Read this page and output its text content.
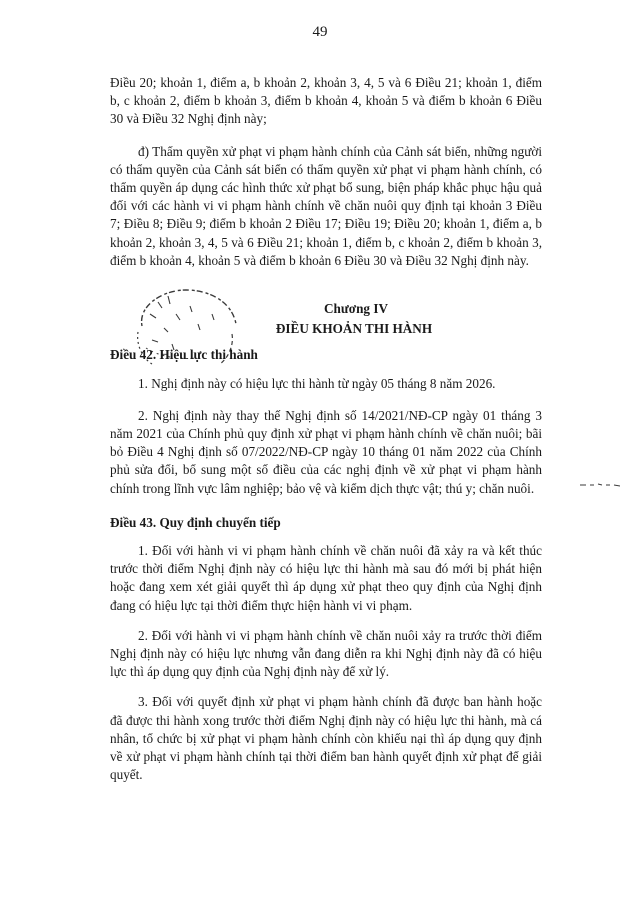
49

Điều 20; khoản 1, điểm a, b khoản 2, khoản 3, 4, 5 và 6 Điều 21; khoản 1, điểm b, c khoản 2, điểm b khoản 3, điểm b khoản 4, khoản 5 và điểm b khoản 6 Điều 30 và Điều 32 Nghị định này;

đ) Thẩm quyền xử phạt vi phạm hành chính của Cảnh sát biển, những người có thẩm quyền của Cảnh sát biển có thẩm quyền xử phạt vi phạm hành chính, có thẩm quyền áp dụng các hình thức xử phạt bổ sung, biện pháp khắc phục hậu quả đối với các hành vi vi phạm hành chính về chăn nuôi quy định tại khoản 3 Điều 7; Điều 8; Điều 9; điểm b khoản 2 Điều 17; Điều 19; Điều 20; khoản 1, điểm a, b khoản 2, khoản 3, 4, 5 và 6 Điều 21; khoản 1, điểm b, c khoản 2, điểm b khoản 3, điểm b khoản 4, khoản 5 và điểm b khoản 6 Điều 30 và Điều 32 Nghị định này.

Chương IV
ĐIỀU KHOẢN THI HÀNH
Điều 42. Hiệu lực thi hành

1. Nghị định này có hiệu lực thi hành từ ngày 05 tháng 8 năm 2026.

2. Nghị định này thay thế Nghị định số 14/2021/NĐ-CP ngày 01 tháng 3 năm 2021 của Chính phủ quy định xử phạt vi phạm hành chính về chăn nuôi; bãi bỏ Điều 4 Nghị định số 07/2022/NĐ-CP ngày 10 tháng 01 năm 2022 của Chính phủ sửa đổi, bổ sung một số điều của các nghị định về xử phạt vi phạm hành chính trong lĩnh vực lâm nghiệp; bảo vệ và kiểm dịch thực vật; thú y; chăn nuôi.

Điều 43. Quy định chuyển tiếp

1. Đối với hành vi vi phạm hành chính về chăn nuôi đã xảy ra và kết thúc trước thời điểm Nghị định này có hiệu lực thi hành mà sau đó mới bị phát hiện hoặc đang xem xét giải quyết thì áp dụng xử phạt theo quy định của Nghị định đang có hiệu lực tại thời điểm thực hiện hành vi vi phạm.

2. Đối với hành vi vi phạm hành chính về chăn nuôi xảy ra trước thời điểm Nghị định này có hiệu lực nhưng vẫn đang diễn ra khi Nghị định này đã có hiệu lực thì áp dụng quy định của Nghị định này để xử lý.

3. Đối với quyết định xử phạt vi phạm hành chính đã được ban hành hoặc đã được thi hành xong trước thời điểm Nghị định này có hiệu lực thi hành, mà cá nhân, tổ chức bị xử phạt vi phạm hành chính còn khiếu nại thì áp dụng quy định về xử phạt vi phạm hành chính tại thời điểm ban hành quyết định xử phạt để giải quyết.
